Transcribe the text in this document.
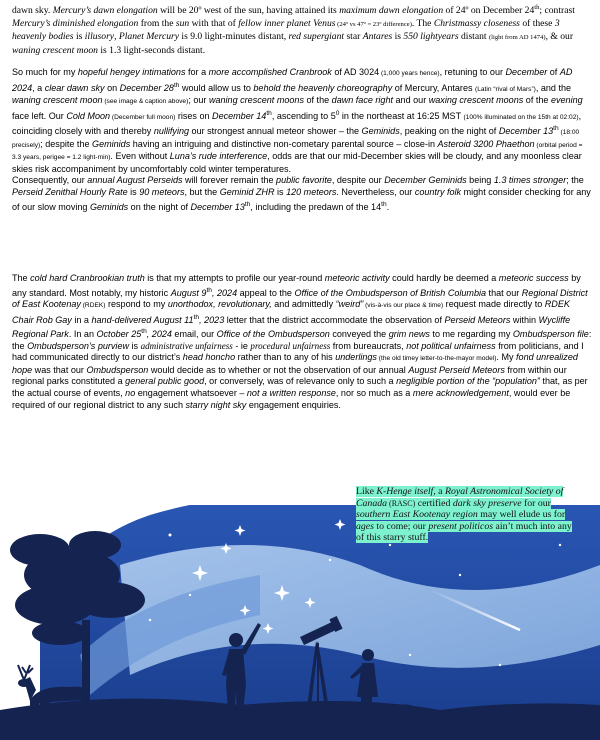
dawn sky. Mercury’s dawn elongation will be 20º west of the sun, having attained its maximum dawn elongation of 24º on December 24th; contrast Mercury’s diminished elongation from the sun with that of fellow inner planet Venus (24º vs 47º = 23º difference). The Christmassy closeness of these 3 heavenly bodies is illusory, Planet Mercury is 9.0 light-minutes distant, red supergiant star Antares is 550 lightyears distant (light from AD 1474), & our waning crescent moon is 1.3 light-seconds distant.

So much for my hopeful hengey intimations for a more accomplished Cranbrook of AD 3024 (1,000 years hence), retuning to our December of AD 2024, a clear dawn sky on December 28th would allow us to behold the heavenly choreography of Mercury, Antares (Latin “rival of Mars”), and the waning crescent moon (see image & caption above); our waning crescent moons of the dawn face right and our waxing crescent moons of the evening face left. Our Cold Moon (December full moon) rises on December 14th, ascending to $5^0$ in the northeast at 16:25 MST (100% illuminated on the 15th at 02:02), coinciding closely with and thereby nullifying our strongest annual meteor shower – the Geminids, peaking on the night of December 13th (18:00 precisely); despite the Geminids having an intriguing and distinctive non-cometary parental source – close-in Asteroid 3200 Phaethon (orbital period = 3.3 years, perigee = 1.2 light-min). Even without Luna’s rude interference, odds are that our mid-December skies will be cloudy, and any moonless clear skies risk accompaniment by uncomfortably cold winter temperatures.

Consequently, our annual August Perseids will forever remain the public favorite, despite our December Geminids being 1.3 times stronger; the Perseid Zenithal Hourly Rate is 90 meteors, but the Geminid ZHR is 120 meteors. Nevertheless, our country folk might consider checking for any of our slow moving Geminids on the night of December 13th, including the predawn of the 14th.

The cold hard Cranbrookian truth is that my attempts to profile our year-round meteoric activity could hardly be deemed a meteoric success by any standard. Most notably, my historic August 9th, 2024 appeal to the Office of the Ombudsperson of British Columbia that our Regional District of East Kootenay (RDEK) respond to my unorthodox, revolutionary, and admittedly “weird” (vis-à-vis our place & time) request made directly to RDEK Chair Rob Gay in a hand-delivered August 11th, 2023 letter that the district accommodate the observation of Perseid Meteors within Wycliffe Regional Park. In an October 25th, 2024 email, our Office of the Ombudsperson conveyed the grim news to me regarding my Ombudsperson file: the Ombudsperson’s purview is administrative unfairness - ie procedural unfairness from bureaucrats, not political unfairness from politicians, and I had communicated directly to our district’s head honcho rather than to any of his underlings (the old timey letter-to-the-mayor model). My fond unrealized hope was that our Ombudsperson would decide as to whether or not the observation of our annual August Perseid Meteors from within our regional parks constituted a general public good, or conversely, was of relevance only to such a negligible portion of the “population” that, as per the actual course of events, no engagement whatsoever – not a written response, nor so much as a mere acknowledgement, would ever be required of our regional district to any such starry night sky engagement enquiries.

Like K-Henge itself, a Royal Astronomical Society of Canada (RASC) certified dark sky preserve for our southern East Kootenay region may well elude us for ages to come; our present politicos ain’t much into any of this starry stuff.
